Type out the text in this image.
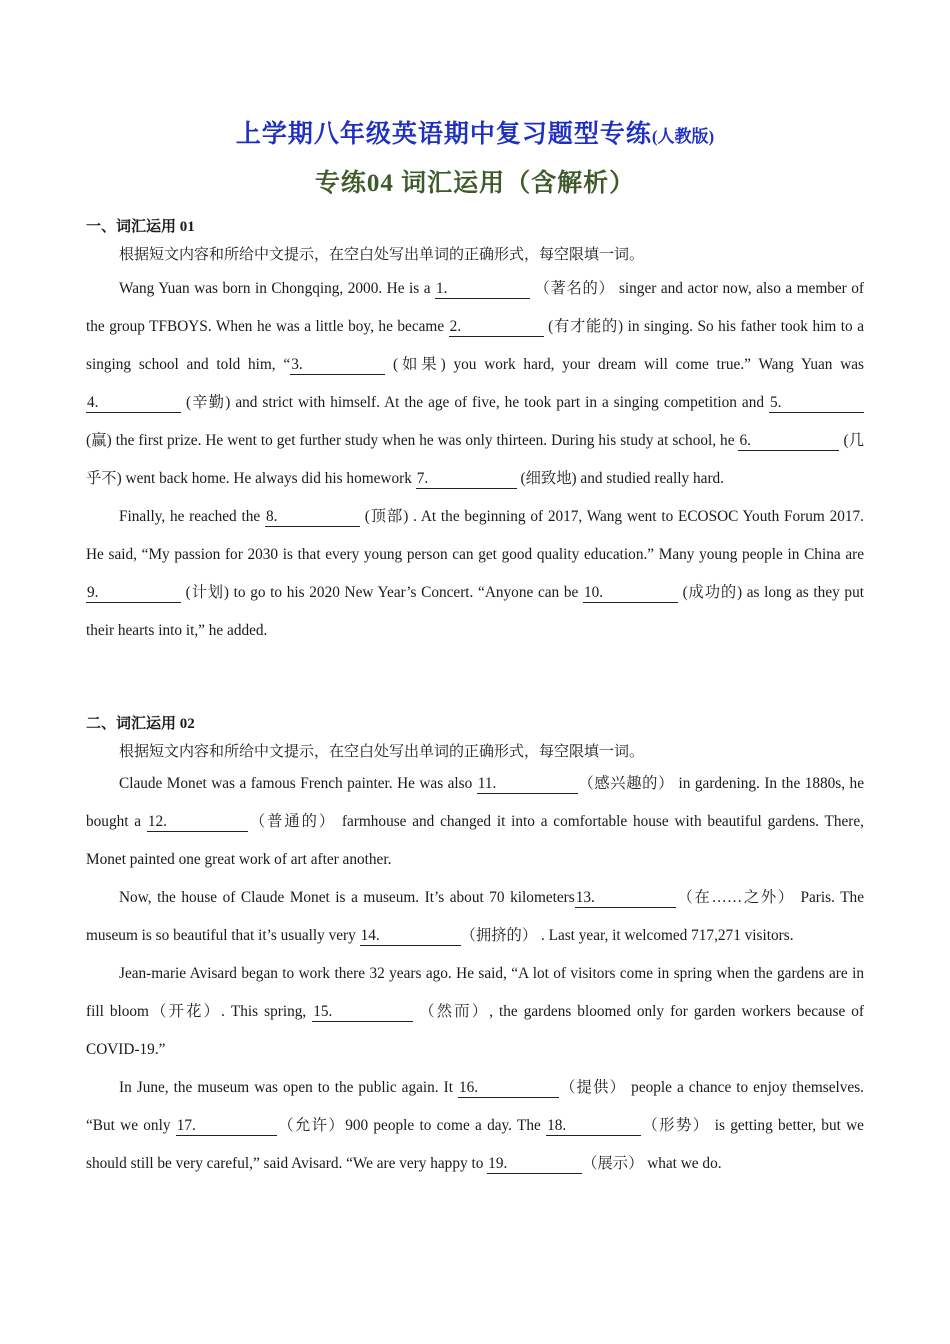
上学期八年级英语期中复习题型专练(人教版)
专练04 词汇运用（含解析）
一、词汇运用 01
根据短文内容和所给中文提示，在空白处写出单词的正确形式，每空限填一词。

Wang Yuan was born in Chongqing, 2000. He is a 1.	（著名的） singer and actor now, also a member of the group TFBOYS. When he was a little boy, he became 2.	(有才能的) in singing. So his father took him to a singing school and told him, “3.	(如果) you work hard, your dream will come true.” Wang Yuan was 4.	(辛勤) and strict with himself. At the age of five, he took part in a singing competition and 5. (赢) the first prize. He went to get further study when he was only thirteen. During his study at school, he 6.	(几乎不) went back home. He always did his homework 7.	(细致地) and studied really hard.

Finally, he reached the 8.	(顶部) . At the beginning of 2017, Wang went to ECOSOC Youth Forum 2017. He said, “My passion for 2030 is that every young person can get good quality education.” Many young people in China are 9.	(计划) to go to his 2020 New Year’s Concert. “Anyone can be 10.	(成功的) as long as they put their hearts into it,” he added.

二、词汇运用 02
根据短文内容和所给中文提示，在空白处写出单词的正确形式，每空限填一词。

Claude Monet was a famous French painter. He was also 11.	（感兴趣的） in gardening. In the 1880s, he bought a 12.	（普通的） farmhouse and changed it into a comfortable house with beautiful gardens. There, Monet painted one great work of art after another.

Now, the house of Claude Monet is a museum. It’s about 70 kilometers13.	（在……之外） Paris. The museum is so beautiful that it’s usually very 14.	（拥挤的） . Last year, it welcomed 717,271 visitors.

Jean-marie Avisard began to work there 32 years ago. He said, “A lot of visitors come in spring when the gardens are in fill bloom（开花）. This spring, 15.	（然而）, the gardens bloomed only for garden workers because of COVID-19.”

In June, the museum was open to the public again. It 16.	（提供） people a chance to enjoy themselves. “But we only 17.	（允许）900 people to come a day. The 18.	（形势） is getting better, but we should still be very careful,” said Avisard. “We are very happy to 19.	（展示） what we do.
